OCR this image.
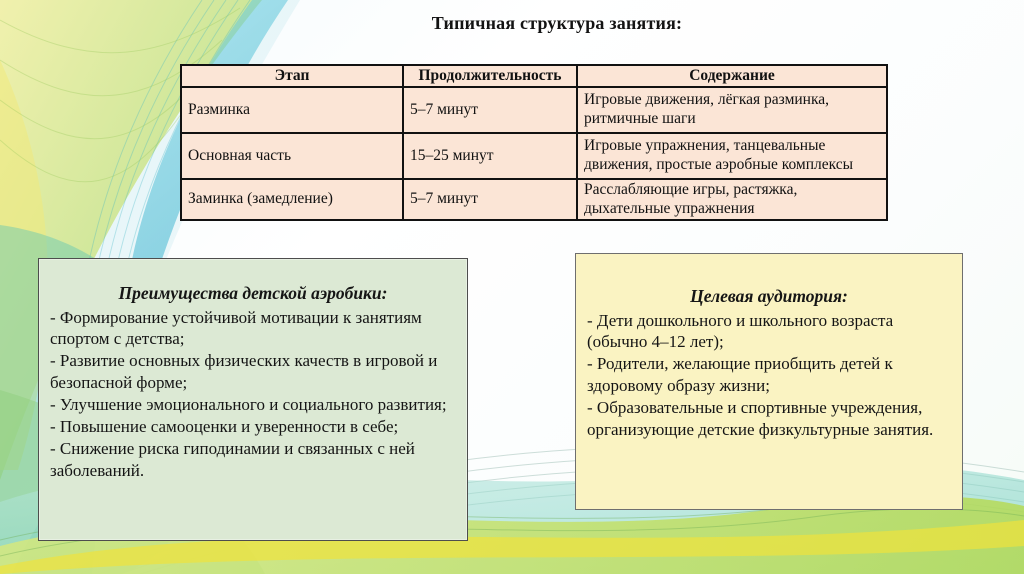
Типичная структура занятия:
Этап	Продолжительность	Содержание
Разминка	5–7 минут	Игровые движения, лёгкая разминка, ритмичные шаги
Основная часть	15–25 минут	Игровые упражнения, танцевальные движения, простые аэробные комплексы
Заминка (замедление)	5–7 минут	Расслабляющие игры, растяжка, дыхательные упражнения
Преимущества детской аэробики:
- Формирование устойчивой мотивации к занятиям спортом с детства;
- Развитие основных физических качеств в игровой и безопасной форме;
- Улучшение эмоционального и социального развития;
- Повышение самооценки и уверенности в себе;
- Снижение риска гиподинамии и связанных с ней заболеваний.
Целевая аудитория:
- Дети дошкольного и школьного возраста (обычно 4–12 лет);
- Родители, желающие приобщить детей к здоровому образу жизни;
- Образовательные и спортивные учреждения, организующие детские физкультурные занятия.
